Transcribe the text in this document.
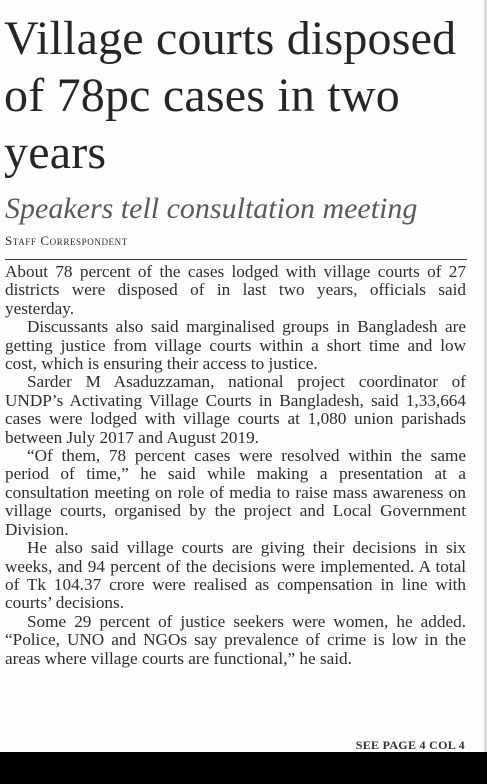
Village courts disposed of 78pc cases in two years
Speakers tell consultation meeting
Staff Correspondent

About 78 percent of the cases lodged with village courts of 27 districts were disposed of in last two years, officials said yesterday.

Discussants also said marginalised groups in Bangladesh are getting justice from village courts within a short time and low cost, which is ensuring their access to justice.

Sarder M Asaduzzaman, national project coordinator of UNDP’s Activating Village Courts in Bangladesh, said 1,33,664 cases were lodged with village courts at 1,080 union parishads between July 2017 and August 2019.

“Of them, 78 percent cases were resolved within the same period of time,” he said while making a presentation at a consultation meeting on role of media to raise mass awareness on village courts, organised by the project and Local Government Division.

He also said village courts are giving their decisions in six weeks, and 94 percent of the decisions were implemented. A total of Tk 104.37 crore were realised as compensation in line with courts’ decisions.

Some 29 percent of justice seekers were women, he added. “Police, UNO and NGOs say prevalence of crime is low in the areas where village courts are functional,” he said.

SEE PAGE 4 COL 4
